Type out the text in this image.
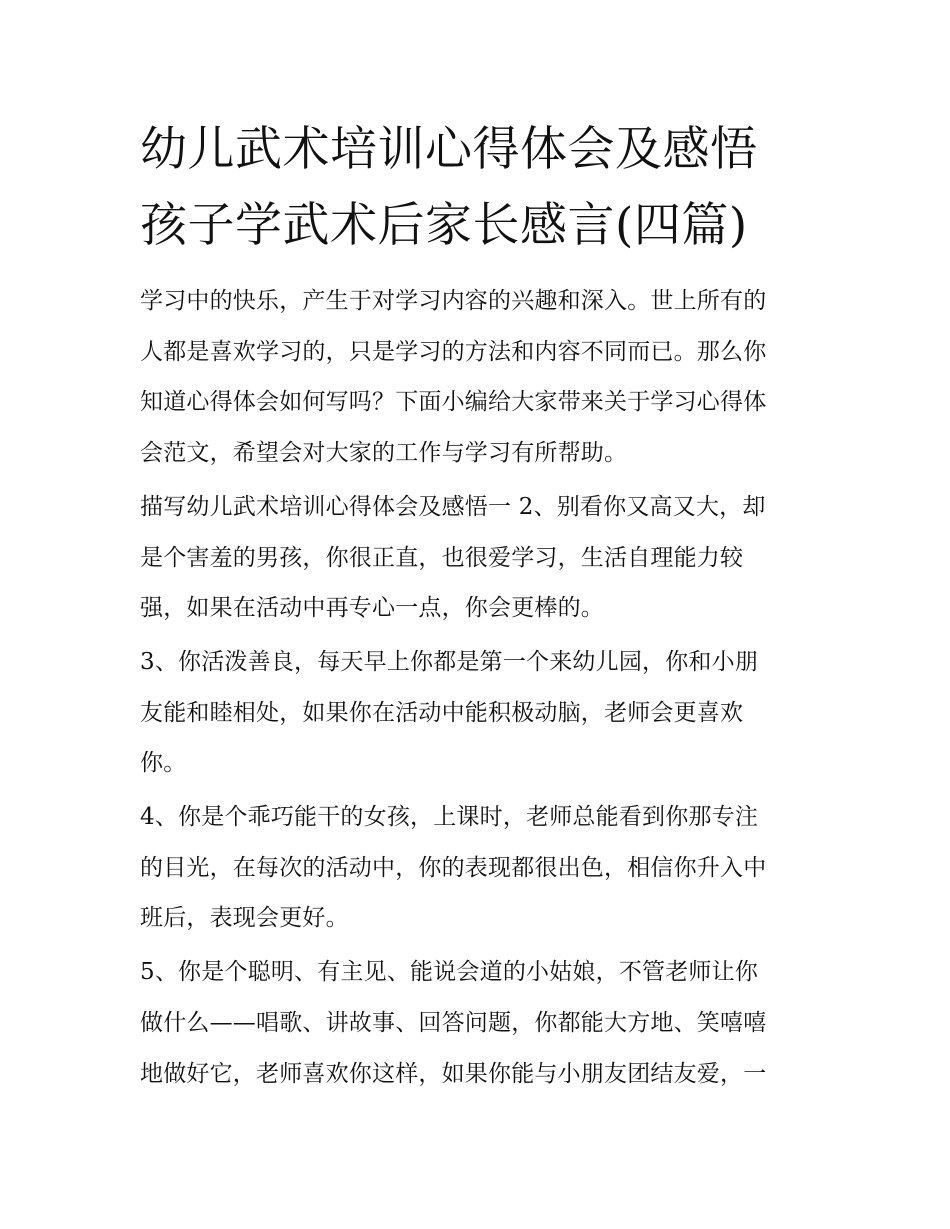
幼儿武术培训心得体会及感悟
孩子学武术后家长感言(四篇)

学习中的快乐，产生于对学习内容的兴趣和深入。世上所有的
人都是喜欢学习的，只是学习的方法和内容不同而已。那么你
知道心得体会如何写吗？下面小编给大家带来关于学习心得体
会范文，希望会对大家的工作与学习有所帮助。

描写幼儿武术培训心得体会及感悟一 2、别看你又高又大，却
是个害羞的男孩，你很正直，也很爱学习，生活自理能力较
强，如果在活动中再专心一点，你会更棒的。

3、你活泼善良，每天早上你都是第一个来幼儿园，你和小朋
友能和睦相处，如果你在活动中能积极动脑，老师会更喜欢
你。

4、你是个乖巧能干的女孩，上课时，老师总能看到你那专注
的目光，在每次的活动中，你的表现都很出色，相信你升入中
班后，表现会更好。

5、你是个聪明、有主见、能说会道的小姑娘，不管老师让你
做什么——唱歌、讲故事、回答问题，你都能大方地、笑嘻嘻
地做好它，老师喜欢你这样，如果你能与小朋友团结友爱，一
